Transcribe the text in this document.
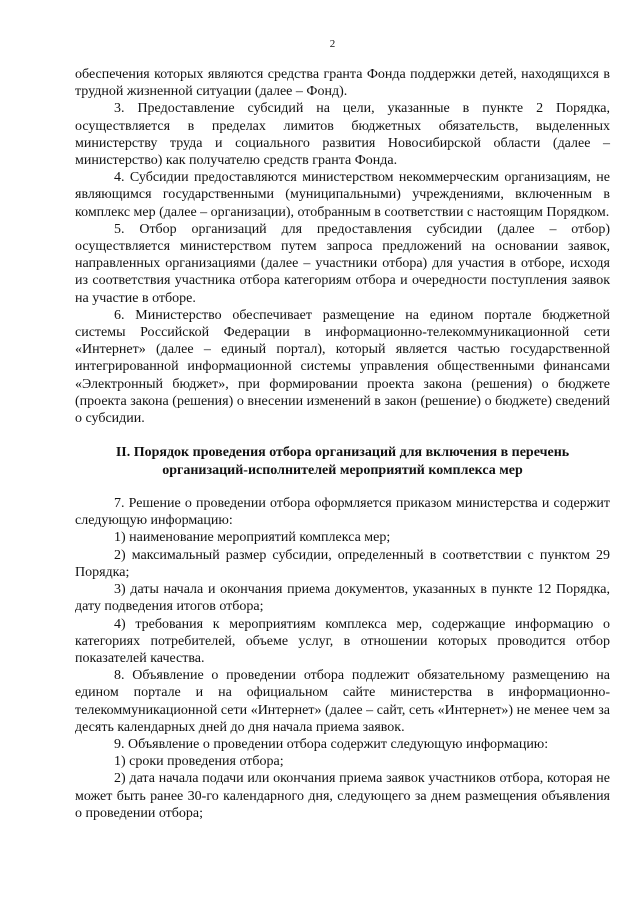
2

обеспечения которых являются средства гранта Фонда поддержки детей, находящихся в трудной жизненной ситуации (далее – Фонд).

3. Предоставление субсидий на цели, указанные в пункте 2 Порядка, осуществляется в пределах лимитов бюджетных обязательств, выделенных министерству труда и социального развития Новосибирской области (далее – министерство) как получателю средств гранта Фонда.

4. Субсидии предоставляются министерством некоммерческим организациям, не являющимся государственными (муниципальными) учреждениями, включенным в комплекс мер (далее – организации), отобранным в соответствии с настоящим Порядком.

5. Отбор организаций для предоставления субсидии (далее – отбор) осуществляется министерством путем запроса предложений на основании заявок, направленных организациями (далее – участники отбора) для участия в отборе, исходя из соответствия участника отбора категориям отбора и очередности поступления заявок на участие в отборе.

6. Министерство обеспечивает размещение на едином портале бюджетной системы Российской Федерации в информационно-телекоммуникационной сети «Интернет» (далее – единый портал), который является частью государственной интегрированной информационной системы управления общественными финансами «Электронный бюджет», при формировании проекта закона (решения) о бюджете (проекта закона (решения) о внесении изменений в закон (решение) о бюджете) сведений о субсидии.

II. Порядок проведения отбора организаций для включения в перечень организаций-исполнителей мероприятий комплекса мер

7. Решение о проведении отбора оформляется приказом министерства и содержит следующую информацию:

1) наименование мероприятий комплекса мер;

2) максимальный размер субсидии, определенный в соответствии с пунктом 29 Порядка;

3) даты начала и окончания приема документов, указанных в пункте 12 Порядка, дату подведения итогов отбора;

4) требования к мероприятиям комплекса мер, содержащие информацию о категориях потребителей, объеме услуг, в отношении которых проводится отбор показателей качества.

8. Объявление о проведении отбора подлежит обязательному размещению на едином портале и на официальном сайте министерства в информационно-телекоммуникационной сети «Интернет» (далее – сайт, сеть «Интернет») не менее чем за десять календарных дней до дня начала приема заявок.

9. Объявление о проведении отбора содержит следующую информацию:

1) сроки проведения отбора;

2) дата начала подачи или окончания приема заявок участников отбора, которая не может быть ранее 30-го календарного дня, следующего за днем размещения объявления о проведении отбора;
